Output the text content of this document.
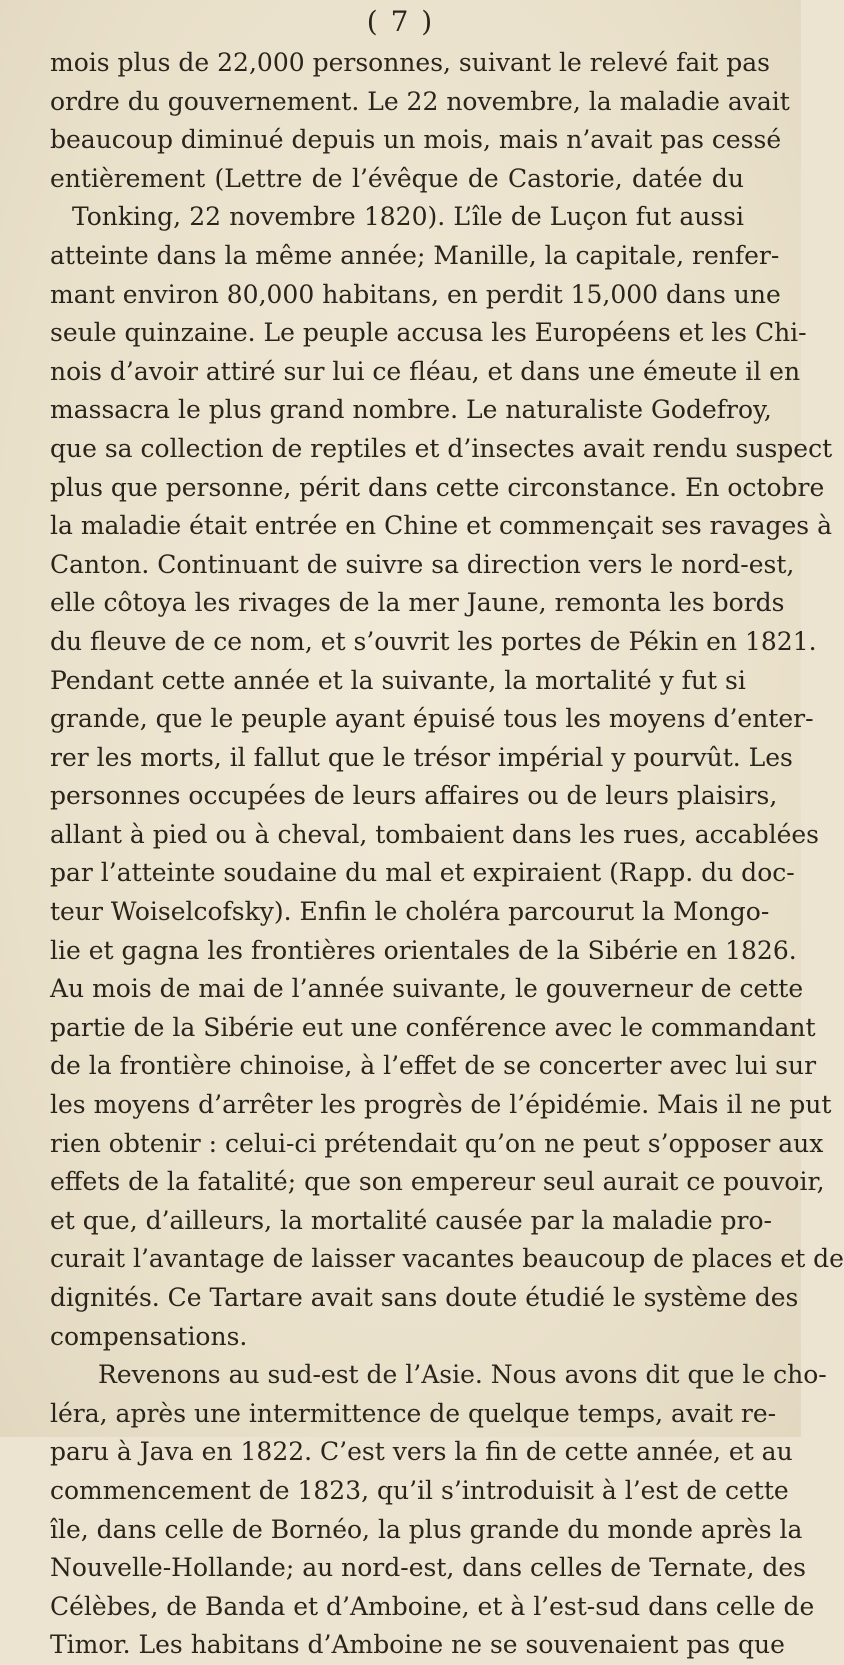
( 7 )
mois plus de 22,000 personnes, suivant le relevé fait pas
ordre du gouvernement. Le 22 novembre, la maladie avait
beaucoup diminué depuis un mois, mais n’avait pas cessé
entièrement (Lettre de l’évêque de Castorie, datée du
Tonking, 22 novembre 1820). L’île de Luçon fut aussi
atteinte dans la même année; Manille, la capitale, renfer-
mant environ 80,000 habitans, en perdit 15,000 dans une
seule quinzaine. Le peuple accusa les Européens et les Chi-
nois d’avoir attiré sur lui ce fléau, et dans une émeute il en
massacra le plus grand nombre. Le naturaliste Godefroy,
que sa collection de reptiles et d’insectes avait rendu suspect
plus que personne, périt dans cette circonstance. En octobre
la maladie était entrée en Chine et commençait ses ravages à
Canton. Continuant de suivre sa direction vers le nord-est,
elle côtoya les rivages de la mer Jaune, remonta les bords
du fleuve de ce nom, et s’ouvrit les portes de Pékin en 1821.
Pendant cette année et la suivante, la mortalité y fut si
grande, que le peuple ayant épuisé tous les moyens d’enter-
rer les morts, il fallut que le trésor impérial y pourvût. Les
personnes occupées de leurs affaires ou de leurs plaisirs,
allant à pied ou à cheval, tombaient dans les rues, accablées
par l’atteinte soudaine du mal et expiraient (Rapp. du doc-
teur Woiselcofsky). Enfin le choléra parcourut la Mongo-
lie et gagna les frontières orientales de la Sibérie en 1826.
Au mois de mai de l’année suivante, le gouverneur de cette
partie de la Sibérie eut une conférence avec le commandant
de la frontière chinoise, à l’effet de se concerter avec lui sur
les moyens d’arrêter les progrès de l’épidémie. Mais il ne put
rien obtenir : celui-ci prétendait qu’on ne peut s’opposer aux
effets de la fatalité; que son empereur seul aurait ce pouvoir,
et que, d’ailleurs, la mortalité causée par la maladie pro-
curait l’avantage de laisser vacantes beaucoup de places et de
dignités. Ce Tartare avait sans doute étudié le système des
compensations.
Revenons au sud-est de l’Asie. Nous avons dit que le cho-
léra, après une intermittence de quelque temps, avait re-
paru à Java en 1822. C’est vers la fin de cette année, et au
commencement de 1823, qu’il s’introduisit à l’est de cette
île, dans celle de Bornéo, la plus grande du monde après la
Nouvelle-Hollande; au nord-est, dans celles de Ternate, des
Célèbes, de Banda et d’Amboine, et à l’est-sud dans celle de
Timor. Les habitans d’Amboine ne se souvenaient pas que
